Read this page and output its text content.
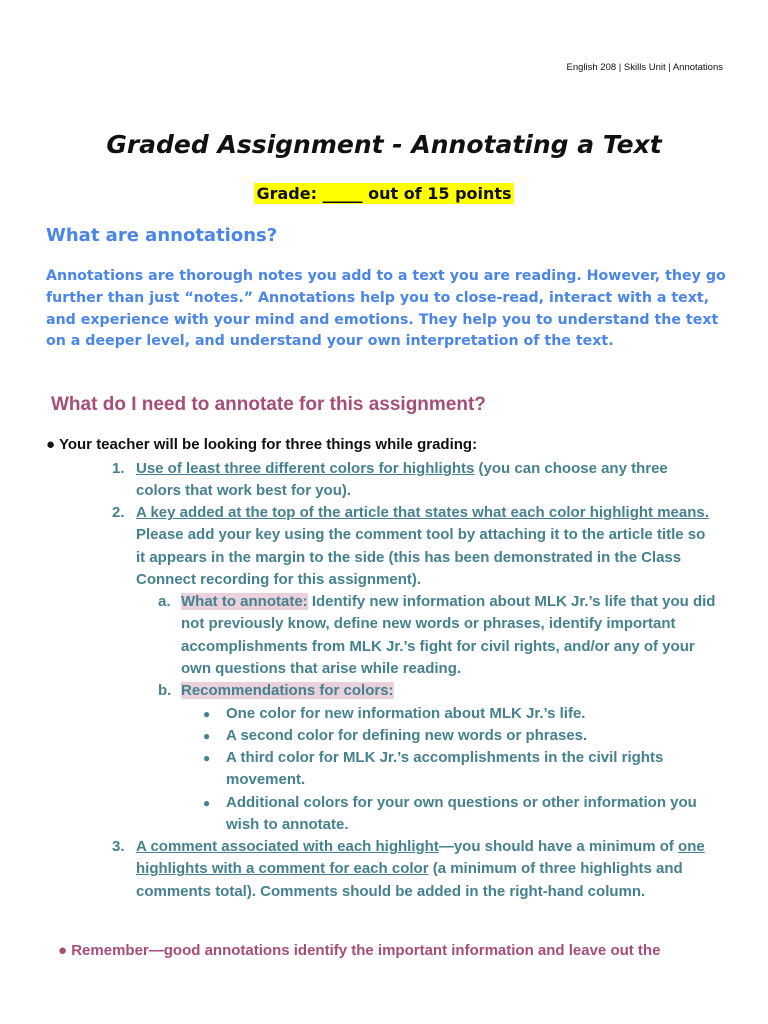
English 208 | Skills Unit | Annotations
Graded Assignment - Annotating a Text
Grade: _____ out of 15 points
What are annotations?

Annotations are thorough notes you add to a text you are reading. However, they go further than just “notes.” Annotations help you to close-read, interact with a text, and experience with your mind and emotions. They help you to understand the text on a deeper level, and understand your own interpretation of the text.

What do I need to annotate for this assignment?
● Your teacher will be looking for three things while grading:
1. Use of least three different colors for highlights (you can choose any three colors that work best for you).
2. A key added at the top of the article that states what each color highlight means. Please add your key using the comment tool by attaching it to the article title so it appears in the margin to the side (this has been demonstrated in the Class Connect recording for this assignment).
a. What to annotate: Identify new information about MLK Jr.’s life that you did not previously know, define new words or phrases, identify important accomplishments from MLK Jr.’s fight for civil rights, and/or any of your own questions that arise while reading.
b. Recommendations for colors:
● One color for new information about MLK Jr.’s life.
● A second color for defining new words or phrases.
● A third color for MLK Jr.’s accomplishments in the civil rights movement.
● Additional colors for your own questions or other information you wish to annotate.
3. A comment associated with each highlight—you should have a minimum of one highlights with a comment for each color (a minimum of three highlights and comments total). Comments should be added in the right-hand column.
● Remember—good annotations identify the important information and leave out the
